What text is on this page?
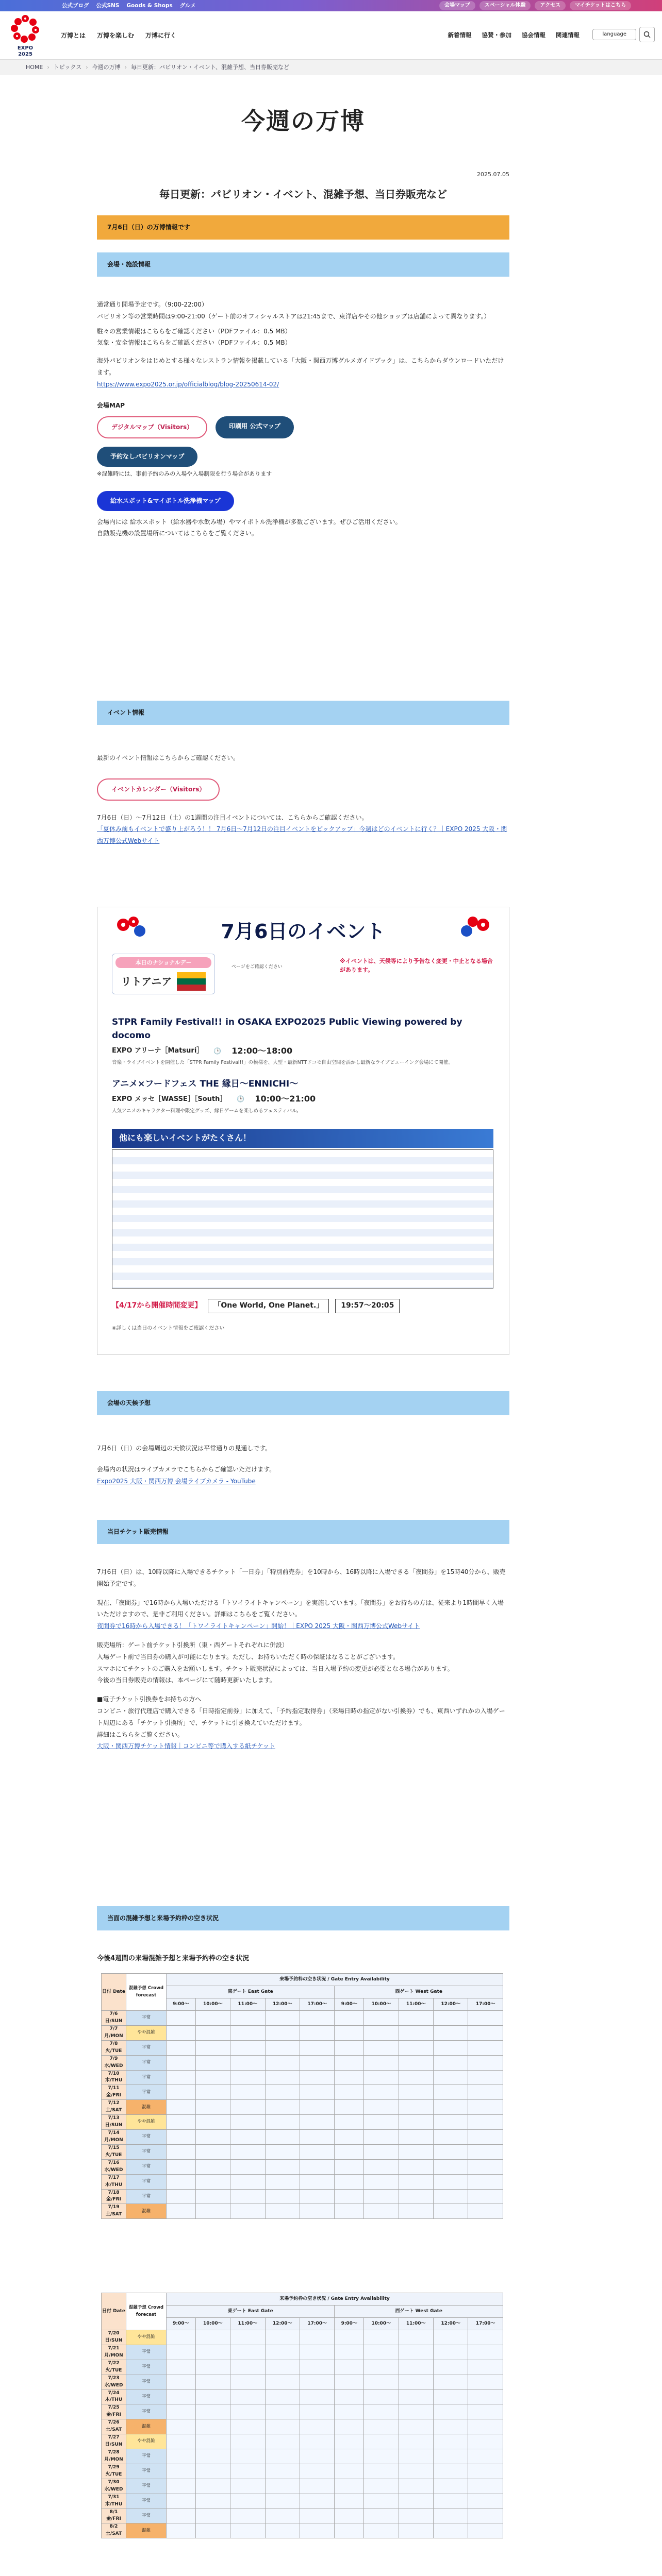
公式ブログ 公式SNS Goods & Shops グルメ	会場マップ	スペーシャル体験	アクセス	マイチケットはこちら
EXPO
2025
万博とは 万博を楽しむ 万博に行く	新着情報 協賛・参加 協会情報 関連情報	language
HOME › トピックス › 今週の万博 › 毎日更新：パビリオン・イベント、混雑予想、当日券販売など
今週の万博
2025.07.05
毎日更新：パビリオン・イベント、混雑予想、当日券販売など
7月6日（日）の万博情報です
会場・施設情報

通常通り開場予定です。（9:00-22:00）

パビリオン等の営業時間は9:00-21:00（ゲート前のオフィシャルストアは21:45まで、東洋店やその他ショップは店舗によって異なります。）

駐々の営業情報はこちらをご確認ください（PDFファイル：0.5 MB）

気象・安全情報はこちらをご確認ください（PDFファイル：0.5 MB）

海外パビリオンをはじめとする様々なレストラン情報を掲載している「大阪・関西万博グルメガイドブック」は、こちらからダウンロードいただけます。

https://www.expo2025.or.jp/officialblog/blog-20250614-02/

会場MAP

デジタルマップ（Visitors）	印刷用 公式マップ
予約なしパビリオンマップ

※混雑時には、事前予約のみの入場や入場制限を行う場合があります

給水スポット&マイボトル洗浄機マップ

会場内には 給水スポット（給水器や水飲み場）やマイボトル洗浄機が多数ございます。ぜひご活用ください。

自動販売機の設置場所についてはこちらをご覧ください。

イベント情報

最新のイベント情報はこちらからご確認ください。

イベントカレンダー（Visitors）

7月6日（日）〜7月12日（土）の1週間の注目イベントについては、こちらからご確認ください。

「夏休み前もイベントで盛り上がろう！！ 7月6日〜7月12日の注目イベントをピックアップ」今週はどのイベントに行く？｜EXPO 2025 大阪・関西万博公式Webサイト

7月6日のイベント
本日のナショナルデー
リトアニア
※イベントは、天候等により予告なく変更・中止となる場合があります。
ページをご確認ください
STPR Family Festival!! in OSAKA EXPO2025 Public Viewing powered by docomo
EXPO アリーナ［Matsuri］ 🕒 12:00〜18:00
音楽・ライブイベントを開催した「STPR Family Festival!!」の模様を、大型・最新NTTドコモ自由空間を活かし最新なライブビューイング会場にて開催。
アニメ×フードフェス THE 縁日〜ENNICHI〜
EXPO メッセ［WASSE］［South］ 🕒 10:00〜21:00
人気アニメのキャラクター料理や限定グッズ、縁日ゲームを楽しめるフェスティバル。
他にも楽しいイベントがたくさん！
【4/17から開催時間変更】	「One World, One Planet.」	19:57〜20:05
※詳しくは当日のイベント情報をご確認ください
会場の天候予想

7月6日（日）の会場周辺の天候状況は平常通りの見通しです。

会場内の状況はライブカメラでこちらからご確認いただけます。

Expo2025 大阪・関西万博 会場ライブカメラ - YouTube

当日チケット販売情報

7月6日（日）は、10時以降に入場できるチケット「一日券」「特別前売券」を10時から、16時以降に入場できる「夜間券」を15時40分から、販売開始予定です。

現在、「夜間券」で16時から入場いただける「トワイライトキャンペーン」を実施しています。「夜間券」をお持ちの方は、従来より1時間早く入場いただけますので、是非ご利用ください。詳細はこちらをご覧ください。

夜間券で16時から入場できる！「トワイライトキャンペーン」開始！｜EXPO 2025 大阪・関西万博公式Webサイト

販売場所：ゲート前チケット引換所（東・西ゲートそれぞれに併設）

入場ゲート前で当日券の購入が可能になります。ただし、お持ちいただく時の保証はなることがございます。

スマホにてチケットのご購入をお願いします。チケット販売状況によっては、当日入場予約の変更が必要となる場合があります。

今後の当日券販売の情報は、本ページにて随時更新いたします。

■電子チケット引換券をお持ちの方へ

コンビニ・旅行代理店で購入できる「日時指定前券」に加えて、「予約指定取得券」（来場日時の指定がない引換券）でも、東西いずれかの入場ゲート周辺にある「チケット引換所」で、チケットに引き換えていただけます。

詳細はこちらをご覧ください。

大阪・関西万博チケット情報｜コンビニ等で購入する紙チケット

当面の混雑予想と来場予約枠の空き状況

今後4週間の来場混雑予想と来場予約枠の空き状況

日付 Date	混雑予想 Crowd forecast	来場予約枠の空き状況 / Gate Entry Availability									
		東ゲート East Gate					西ゲート West Gate				
		9:00～	10:00～	11:00～	12:00～	17:00～	9:00～	10:00～	11:00～	12:00～	17:00～
7/6 日/SUN	平常										
7/7 月/MON	やや混雑										
7/8 火/TUE	平常										
7/9 水/WED	平常										
7/10 木/THU	平常										
7/11 金/FRI	平常										
7/12 土/SAT	混雑										
7/13 日/SUN	やや混雑										
7/14 月/MON	平常										
7/15 火/TUE	平常										
7/16 水/WED	平常										
7/17 木/THU	平常										
7/18 金/FRI	平常										
7/19 土/SAT	混雑										
日付 Date	混雑予想 Crowd forecast	来場予約枠の空き状況 / Gate Entry Availability									
		東ゲート East Gate					西ゲート West Gate				
		9:00～	10:00～	11:00～	12:00～	17:00～	9:00～	10:00～	11:00～	12:00～	17:00～
7/20 日/SUN	やや混雑										
7/21 月/MON	平常										
7/22 火/TUE	平常										
7/23 水/WED	平常										
7/24 木/THU	平常										
7/25 金/FRI	平常										
7/26 土/SAT	混雑										
7/27 日/SUN	やや混雑										
7/28 月/MON	平常										
7/29 火/TUE	平常										
7/30 水/WED	平常										
7/31 木/THU	平常										
8/1 金/FRI	平常										
8/2 土/SAT	混雑										
